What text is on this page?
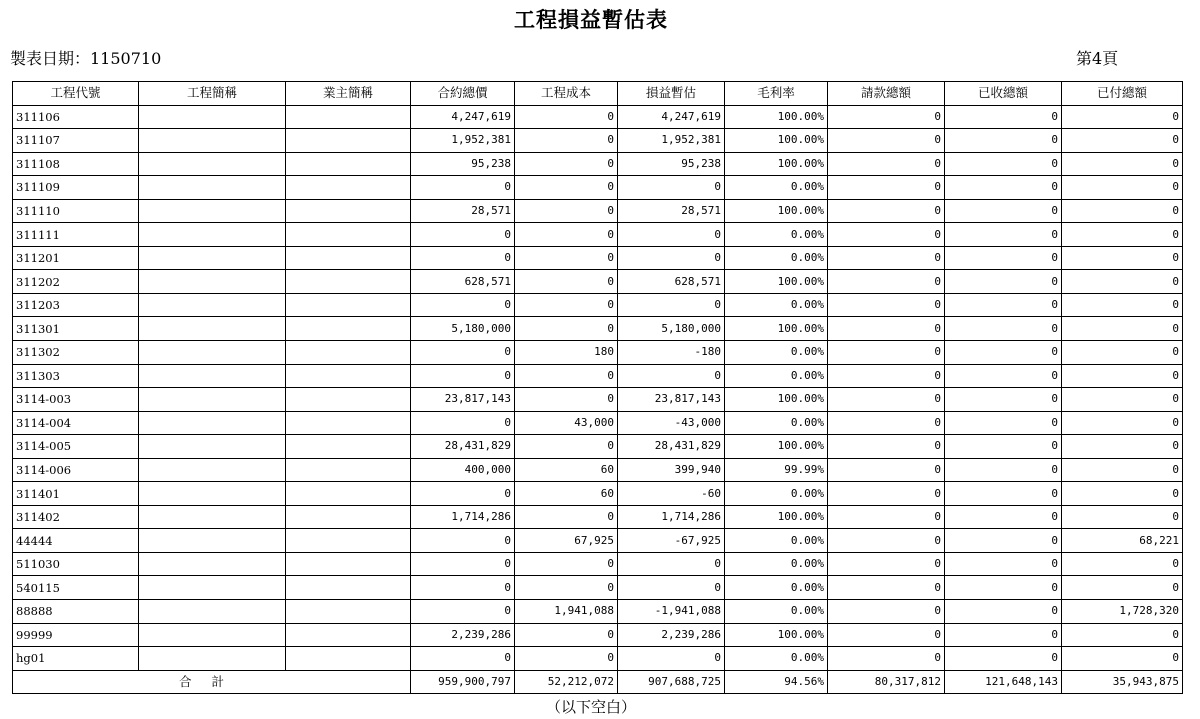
工程損益暫估表
製表日期：1150710	第4頁
工程代號	工程簡稱	業主簡稱	合約總價	工程成本	損益暫估	毛利率	請款總額	已收總額	已付總額
311106			4,247,619	0	4,247,619	100.00%	0	0	0
311107			1,952,381	0	1,952,381	100.00%	0	0	0
311108			95,238	0	95,238	100.00%	0	0	0
311109			0	0	0	0.00%	0	0	0
311110			28,571	0	28,571	100.00%	0	0	0
311111			0	0	0	0.00%	0	0	0
311201			0	0	0	0.00%	0	0	0
311202			628,571	0	628,571	100.00%	0	0	0
311203			0	0	0	0.00%	0	0	0
311301			5,180,000	0	5,180,000	100.00%	0	0	0
311302			0	180	-180	0.00%	0	0	0
311303			0	0	0	0.00%	0	0	0
3114-003			23,817,143	0	23,817,143	100.00%	0	0	0
3114-004			0	43,000	-43,000	0.00%	0	0	0
3114-005			28,431,829	0	28,431,829	100.00%	0	0	0
3114-006			400,000	60	399,940	99.99%	0	0	0
311401			0	60	-60	0.00%	0	0	0
311402			1,714,286	0	1,714,286	100.00%	0	0	0
44444			0	67,925	-67,925	0.00%	0	0	68,221
511030			0	0	0	0.00%	0	0	0
540115			0	0	0	0.00%	0	0	0
88888			0	1,941,088	-1,941,088	0.00%	0	0	1,728,320
99999			2,239,286	0	2,239,286	100.00%	0	0	0
hg01			0	0	0	0.00%	0	0	0
合計			959,900,797	52,212,072	907,688,725	94.56%	80,317,812	121,648,143	35,943,875
（以下空白）
